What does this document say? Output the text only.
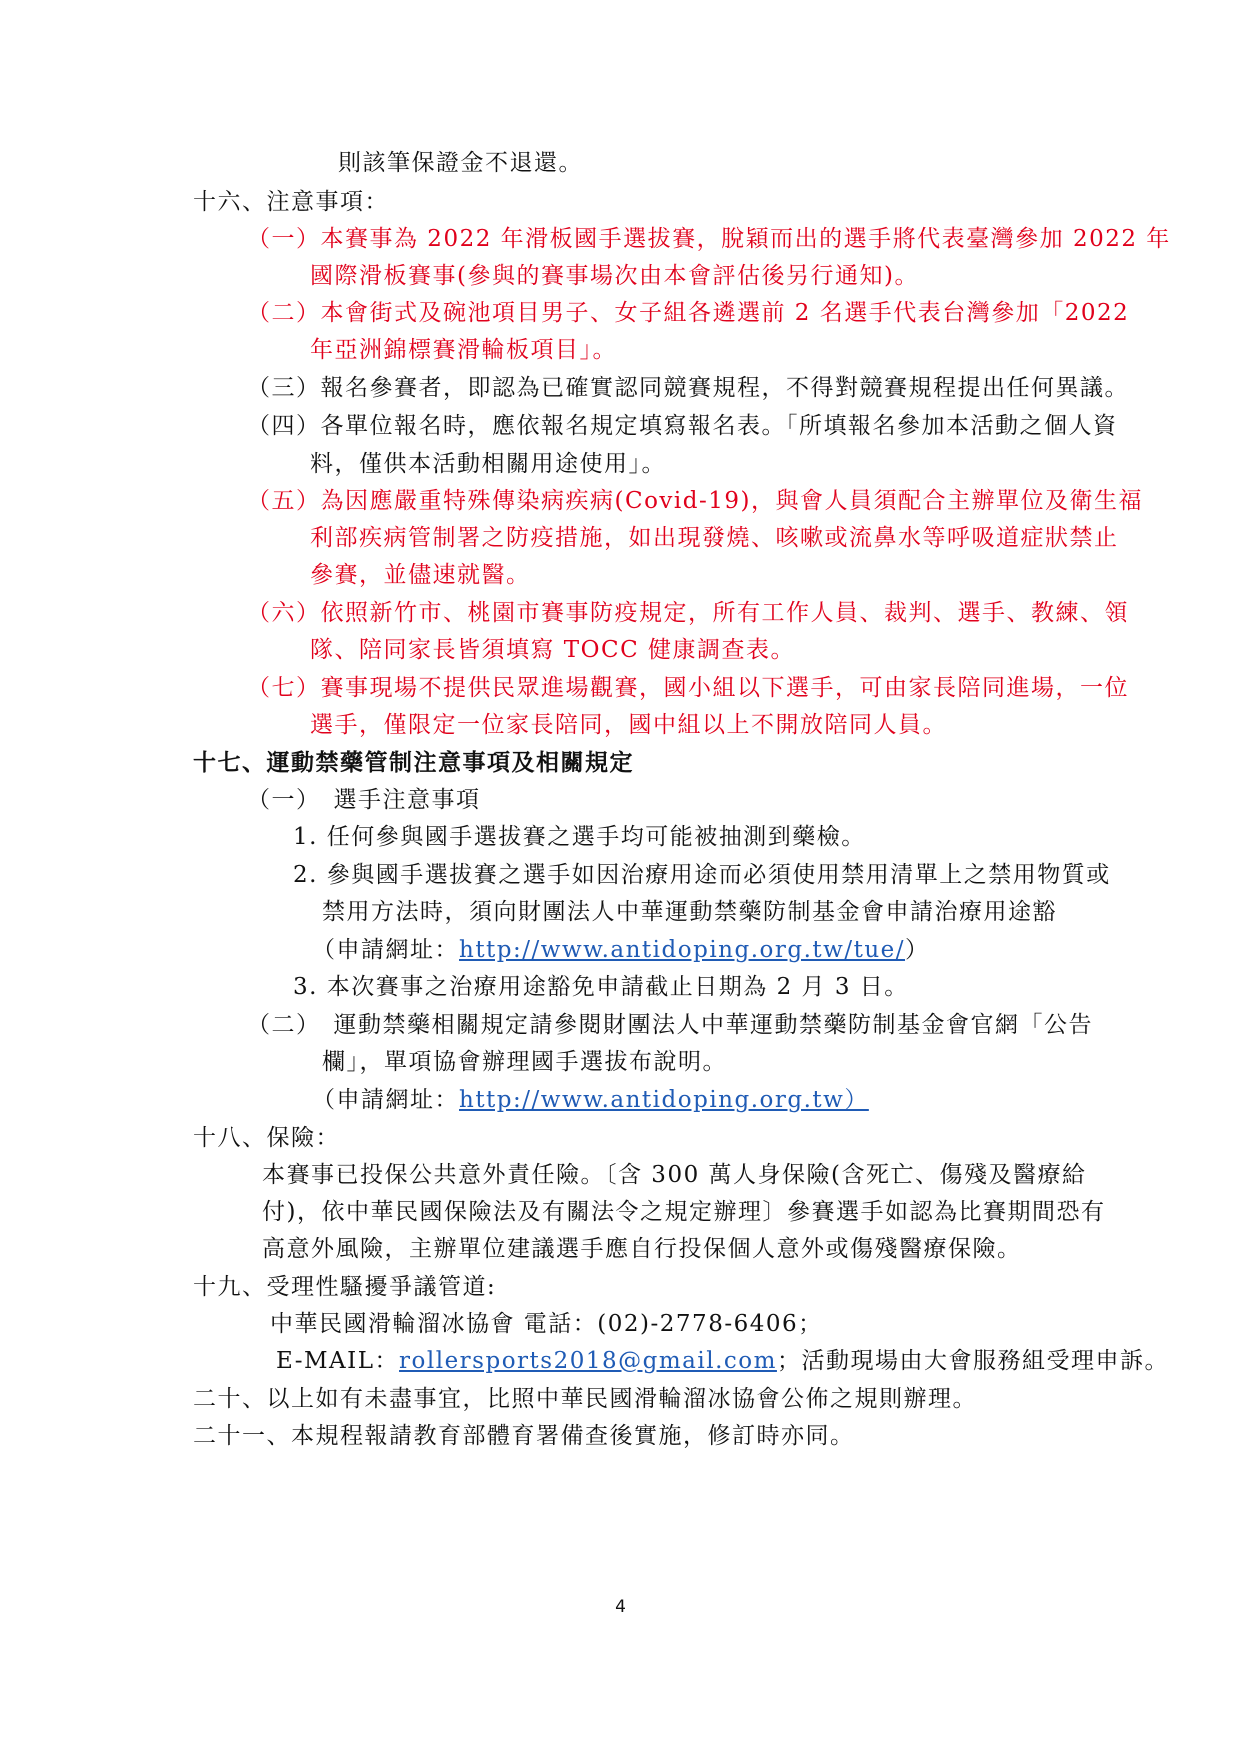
則該筆保證金不退還。
十六、注意事項：
（一）本賽事為 2022 年滑板國手選拔賽，脫穎而出的選手將代表臺灣參加 2022 年
國際滑板賽事(參與的賽事場次由本會評估後另行通知)。
（二）本會街式及碗池項目男子、女子組各遴選前 2 名選手代表台灣參加「2022
年亞洲錦標賽滑輪板項目」。
（三）報名參賽者，即認為已確實認同競賽規程，不得對競賽規程提出任何異議。
（四）各單位報名時，應依報名規定填寫報名表。「所填報名參加本活動之個人資
料，僅供本活動相關用途使用」。
（五）為因應嚴重特殊傳染病疾病(Covid-19)，與會人員須配合主辦單位及衛生福
利部疾病管制署之防疫措施，如出現發燒、咳嗽或流鼻水等呼吸道症狀禁止
參賽，並儘速就醫。
（六）依照新竹市、桃園市賽事防疫規定，所有工作人員、裁判、選手、教練、領
隊、陪同家長皆須填寫 TOCC 健康調查表。
（七）賽事現場不提供民眾進場觀賽，國小組以下選手，可由家長陪同進場，一位
選手，僅限定一位家長陪同，國中組以上不開放陪同人員。
十七、運動禁藥管制注意事項及相關規定
（一）　選手注意事項
1. 任何參與國手選拔賽之選手均可能被抽測到藥檢。
2. 參與國手選拔賽之選手如因治療用途而必須使用禁用清單上之禁用物質或
禁用方法時，須向財團法人中華運動禁藥防制基金會申請治療用途豁
（申請網址：http://www.antidoping.org.tw/tue/）
3. 本次賽事之治療用途豁免申請截止日期為 2 月 3 日。
（二）　運動禁藥相關規定請參閱財團法人中華運動禁藥防制基金會官網「公告
欄」，單項協會辦理國手選拔布說明。
（申請網址：http://www.antidoping.org.tw）
十八、保險：
本賽事已投保公共意外責任險。〔含 300 萬人身保險(含死亡、傷殘及醫療給
付)，依中華民國保險法及有關法令之規定辦理〕參賽選手如認為比賽期間恐有
高意外風險，主辦單位建議選手應自行投保個人意外或傷殘醫療保險。
十九、受理性騷擾爭議管道:
中華民國滑輪溜冰協會 電話：(02)-2778-6406；
E-MAIL：rollersports2018@gmail.com；活動現場由大會服務組受理申訴。
二十、以上如有未盡事宜，比照中華民國滑輪溜冰協會公佈之規則辦理。
二十一、本規程報請教育部體育署備查後實施，修訂時亦同。
4
